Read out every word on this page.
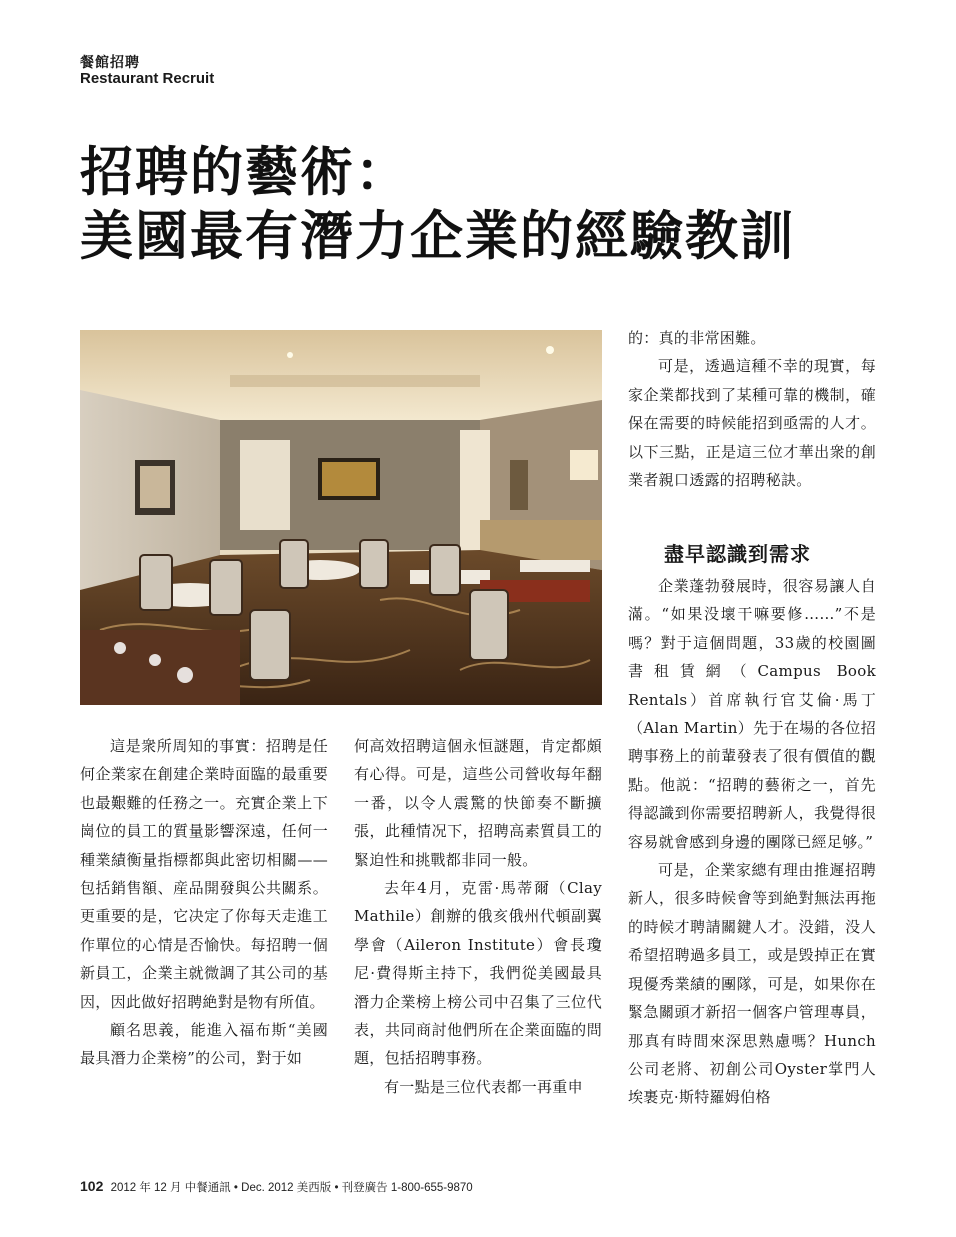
餐館招聘
Restaurant Recruit
招聘的藝術：
美國最有潛力企業的經驗教訓

這是衆所周知的事實：招聘是任何企業家在創建企業時面臨的最重要也最艱難的任務之一。充實企業上下崗位的員工的質量影響深遠，任何一種業績衡量指標都與此密切相關——包括銷售額、産品開發與公共關系。更重要的是，它决定了你每天走進工作單位的心情是否愉快。每招聘一個新員工，企業主就微調了其公司的基因，因此做好招聘絶對是物有所值。

顧名思義，能進入福布斯“美國最具潛力企業榜”的公司，對于如

何高效招聘這個永恒謎題，肯定都頗有心得。可是，這些公司營收每年翻一番，以令人震驚的快節奏不斷擴張，此種情况下，招聘高素質員工的緊迫性和挑戰都非同一般。

去年4月，克雷·馬蒂爾（Clay Mathile）創辦的俄亥俄州代頓副翼學會（Aileron Institute）會長瓊尼·費得斯主持下，我們從美國最具潛力企業榜上榜公司中召集了三位代表，共同商討他們所在企業面臨的問題，包括招聘事務。

有一點是三位代表都一再重申

的：真的非常困難。

可是，透過這種不幸的現實，每家企業都找到了某種可靠的機制，確保在需要的時候能招到亟需的人才。以下三點，正是這三位才華出衆的創業者親口透露的招聘秘訣。

盡早認識到需求

企業蓬勃發展時，很容易讓人自滿。“如果没壞干嘛要修……”不是嗎？對于這個問題，33歲的校園圖書租賃網（Campus Book Rentals）首席執行官艾倫·馬丁（Alan Martin）先于在場的各位招聘事務上的前輩發表了很有價值的觀點。他説：“招聘的藝術之一，首先得認識到你需要招聘新人，我覺得很容易就會感到身邊的團隊已經足够。”

可是，企業家總有理由推遲招聘新人，很多時候會等到絶對無法再拖的時候才聘請關鍵人才。没錯，没人希望招聘過多員工，或是毁掉正在實現優秀業績的團隊，可是，如果你在緊急關頭才新招一個客户管理專員，那真有時間來深思熟慮嗎？Hunch公司老將、初創公司Oyster掌門人埃裹克·斯特羅姆伯格

102 2012 年 12 月 中餐通訊 • Dec. 2012 美西版 • 刊登廣告 1-800-655-9870
